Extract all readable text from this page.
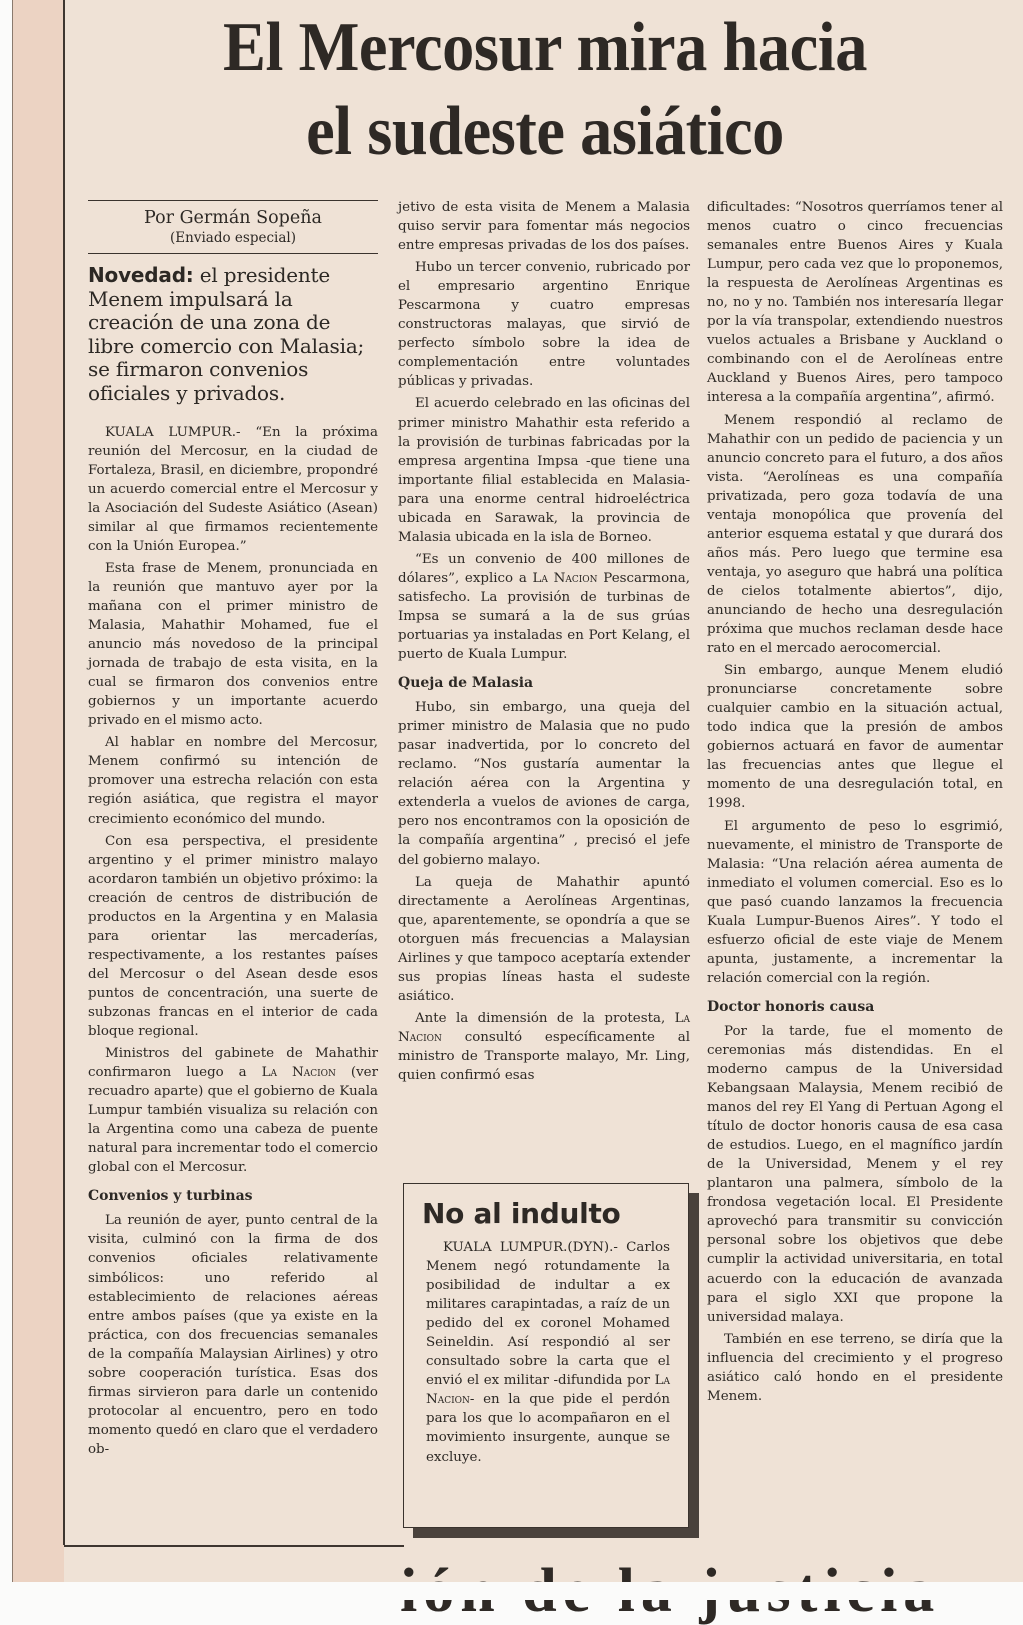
El Mercosur mira hacia
el sudeste asiático
Por Germán Sopeña
(Enviado especial)
Novedad: el presidente Menem impulsará la creación de una zona de libre comercio con Malasia; se firmaron convenios oficiales y privados.

KUALA LUMPUR.- “En la próxima reunión del Mercosur, en la ciudad de Fortaleza, Brasil, en diciembre, propondré un acuerdo comercial entre el Mercosur y la Asociación del Sudeste Asiático (Asean) similar al que firmamos recientemente con la Unión Europea.”

Esta frase de Menem, pronunciada en la reunión que mantuvo ayer por la mañana con el primer ministro de Malasia, Mahathir Mohamed, fue el anuncio más novedoso de la principal jornada de trabajo de esta visita, en la cual se firmaron dos convenios entre gobiernos y un importante acuerdo privado en el mismo acto.

Al hablar en nombre del Mercosur, Menem confirmó su intención de promover una estrecha relación con esta región asiática, que registra el mayor crecimiento económico del mundo.

Con esa perspectiva, el presidente argentino y el primer ministro malayo acordaron también un objetivo próximo: la creación de centros de distribución de productos en la Argentina y en Malasia para orientar las mercaderías, respectivamente, a los restantes países del Mercosur o del Asean desde esos puntos de concentración, una suerte de subzonas francas en el interior de cada bloque regional.

Ministros del gabinete de Mahathir confirmaron luego a La Nacion (ver recuadro aparte) que el gobierno de Kuala Lumpur también visualiza su relación con la Argentina como una cabeza de puente natural para incrementar todo el comercio global con el Mercosur.

Convenios y turbinas

La reunión de ayer, punto central de la visita, culminó con la firma de dos convenios oficiales relativamente simbólicos: uno referido al establecimiento de relaciones aéreas entre ambos países (que ya existe en la práctica, con dos frecuencias semanales de la compañía Malaysian Airlines) y otro sobre cooperación turística. Esas dos firmas sirvieron para darle un contenido protocolar al encuentro, pero en todo momento quedó en claro que el verdadero ob-

jetivo de esta visita de Menem a Malasia quiso servir para fomentar más negocios entre empresas privadas de los dos países.

Hubo un tercer convenio, rubricado por el empresario argentino Enrique Pescarmona y cuatro empresas constructoras malayas, que sirvió de perfecto símbolo sobre la idea de complementación entre voluntades públicas y privadas.

El acuerdo celebrado en las oficinas del primer ministro Mahathir esta referido a la provisión de turbinas fabricadas por la empresa argentina Impsa -que tiene una importante filial establecida en Malasia- para una enorme central hidroeléctrica ubicada en Sarawak, la provincia de Malasia ubicada en la isla de Borneo.

“Es un convenio de 400 millones de dólares”, explico a La Nacion Pescarmona, satisfecho. La provisión de turbinas de Impsa se sumará a la de sus grúas portuarias ya instaladas en Port Kelang, el puerto de Kuala Lumpur.

Queja de Malasia

Hubo, sin embargo, una queja del primer ministro de Malasia que no pudo pasar inadvertida, por lo concreto del reclamo. “Nos gustaría aumentar la relación aérea con la Argentina y extenderla a vuelos de aviones de carga, pero nos encontramos con la oposición de la compañía argentina” , precisó el jefe del gobierno malayo.

La queja de Mahathir apuntó directamente a Aerolíneas Argentinas, que, aparentemente, se opondría a que se otorguen más frecuencias a Malaysian Airlines y que tampoco aceptaría extender sus propias líneas hasta el sudeste asiático.

Ante la dimensión de la protesta, La Nacion consultó específicamente al ministro de Transporte malayo, Mr. Ling, quien confirmó esas

dificultades: “Nosotros querríamos tener al menos cuatro o cinco frecuencias semanales entre Buenos Aires y Kuala Lumpur, pero cada vez que lo proponemos, la respuesta de Aerolíneas Argentinas es no, no y no. También nos interesaría llegar por la vía transpolar, extendiendo nuestros vuelos actuales a Brisbane y Auckland o combinando con el de Aerolíneas entre Auckland y Buenos Aires, pero tampoco interesa a la compañía argentina”, afirmó.

Menem respondió al reclamo de Mahathir con un pedido de paciencia y un anuncio concreto para el futuro, a dos años vista. “Aerolíneas es una compañía privatizada, pero goza todavía de una ventaja monopólica que provenía del anterior esquema estatal y que durará dos años más. Pero luego que termine esa ventaja, yo aseguro que habrá una política de cielos totalmente abiertos”, dijo, anunciando de hecho una desregulación próxima que muchos reclaman desde hace rato en el mercado aerocomercial.

Sin embargo, aunque Menem eludió pronunciarse concretamente sobre cualquier cambio en la situación actual, todo indica que la presión de ambos gobiernos actuará en favor de aumentar las frecuencias antes que llegue el momento de una desregulación total, en 1998.

El argumento de peso lo esgrimió, nuevamente, el ministro de Transporte de Malasia: “Una relación aérea aumenta de inmediato el volumen comercial. Eso es lo que pasó cuando lanzamos la frecuencia Kuala Lumpur-Buenos Aires”. Y todo el esfuerzo oficial de este viaje de Menem apunta, justamente, a incrementar la relación comercial con la región.

Doctor honoris causa

Por la tarde, fue el momento de ceremonias más distendidas. En el moderno campus de la Universidad Kebangsaan Malaysia, Menem recibió de manos del rey El Yang di Pertuan Agong el título de doctor honoris causa de esa casa de estudios. Luego, en el magnífico jardín de la Universidad, Menem y el rey plantaron una palmera, símbolo de la frondosa vegetación local. El Presidente aprovechó para transmitir su convicción personal sobre los objetivos que debe cumplir la actividad universitaria, en total acuerdo con la educación de avanzada para el siglo XXI que propone la universidad malaya.

También en ese terreno, se diría que la influencia del crecimiento y el progreso asiático caló hondo en el presidente Menem.

No al indulto

KUALA LUMPUR.(DYN).- Carlos Menem negó rotundamente la posibilidad de indultar a ex militares carapintadas, a raíz de un pedido del ex coronel Mohamed Seineldin. Así respondió al ser consultado sobre la carta que el envió el ex militar -difundida por La Nacion- en la que pide el perdón para los que lo acompañaron en el movimiento insurgente, aunque se excluye.
